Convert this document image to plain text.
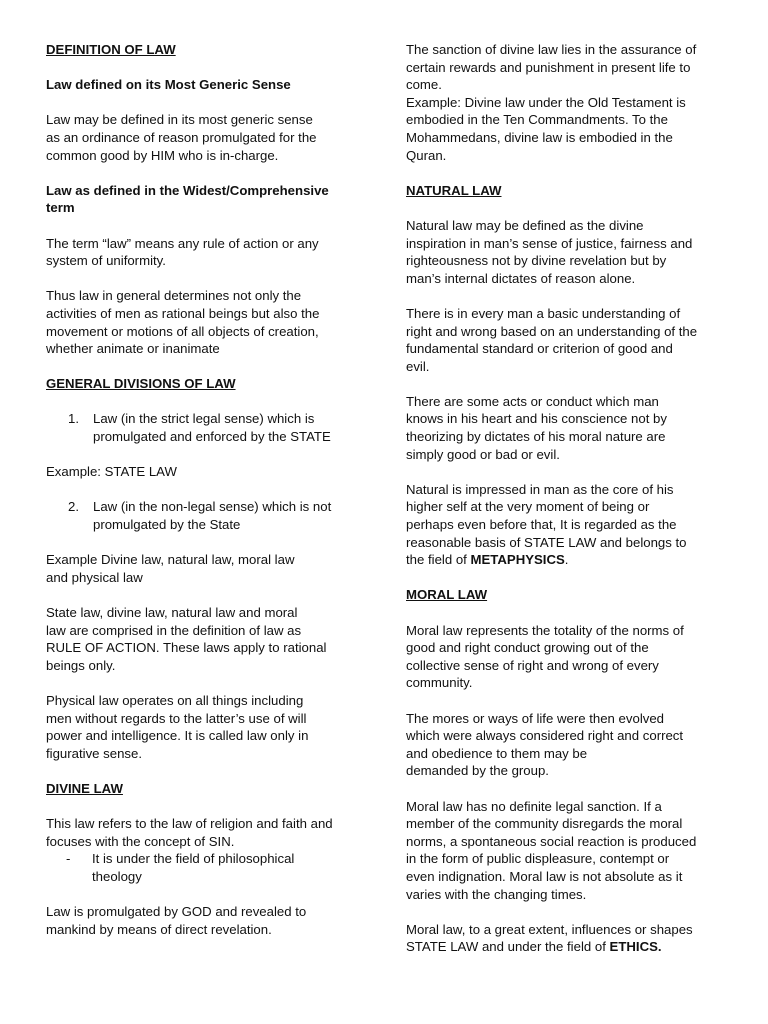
DEFINITION OF LAW

Law defined on its Most Generic Sense

Law may be defined in its most generic sense
as an ordinance of reason promulgated for the
common good by HIM who is in-charge.

Law as defined in the Widest/Comprehensive
term

The term “law” means any rule of action or any
system of uniformity.

Thus law in general determines not only the
activities of men as rational beings but also the
movement or motions of all objects of creation,
whether animate or inanimate

GENERAL DIVISIONS OF LAW

1. Law (in the strict legal sense) which is
promulgated and enforced by the STATE

Example: STATE LAW

2. Law (in the non-legal sense) which is not
promulgated by the State

Example Divine law, natural law, moral law
and physical law

State law, divine law, natural law and moral
law are comprised in the definition of law as
RULE OF ACTION. These laws apply to rational
beings only.

Physical law operates on all things including
men without regards to the latter’s use of will
power and intelligence. It is called law only in
figurative sense.

DIVINE LAW

This law refers to the law of religion and faith and
focuses with the concept of SIN.

- It is under the field of philosophical
theology

Law is promulgated by GOD and revealed to
mankind by means of direct revelation.

The sanction of divine law lies in the assurance of
certain rewards and punishment in present life to
come.

Example: Divine law under the Old Testament is
embodied in the Ten Commandments. To the
Mohammedans, divine law is embodied in the
Quran.

NATURAL LAW

Natural law may be defined as the divine
inspiration in man’s sense of justice, fairness and
righteousness not by divine revelation but by
man’s internal dictates of reason alone.

There is in every man a basic understanding of
right and wrong based on an understanding of the
fundamental standard or criterion of good and
evil.

There are some acts or conduct which man
knows in his heart and his conscience not by
theorizing by dictates of his moral nature are
simply good or bad or evil.

Natural is impressed in man as the core of his
higher self at the very moment of being or
perhaps even before that, It is regarded as the
reasonable basis of STATE LAW and belongs to
the field of METAPHYSICS.

MORAL LAW

Moral law represents the totality of the norms of
good and right conduct growing out of the
collective sense of right and wrong of every
community.

The mores or ways of life were then evolved
which were always considered right and correct
and obedience to them may be
demanded by the group.

Moral law has no definite legal sanction. If a
member of the community disregards the moral
norms, a spontaneous social reaction is produced
in the form of public displeasure, contempt or
even indignation. Moral law is not absolute as it
varies with the changing times.

Moral law, to a great extent, influences or shapes
STATE LAW and under the field of ETHICS.
